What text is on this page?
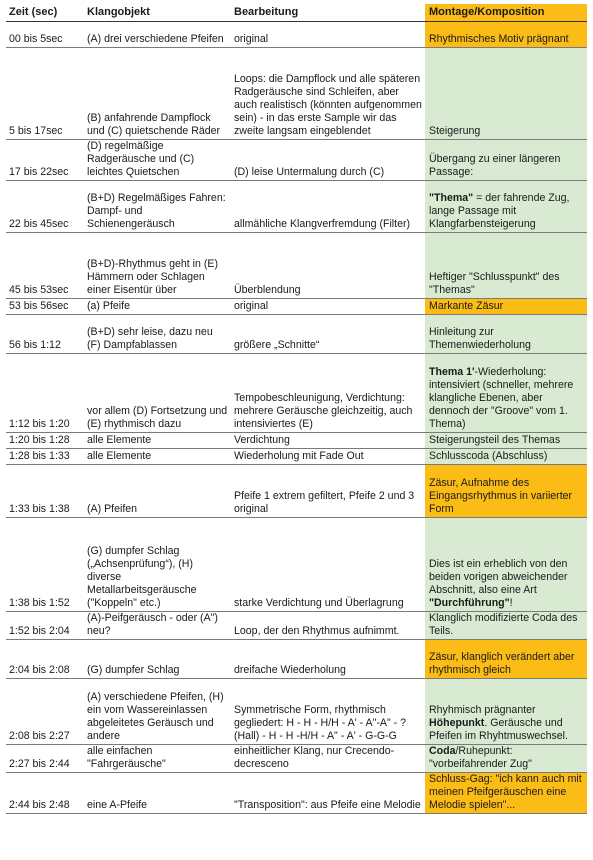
Zeit (sec)	Klangobjekt	Bearbeitung	Montage/Komposition
00 bis 5sec	(A) drei verschiedene Pfeifen	original	Rhythmisches Motiv prägnant
5 bis 17sec	(B) anfahrende Dampflock und (C) quietschende Räder	Loops: die Dampflock und alle späteren Radgeräusche sind Schleifen, aber auch realistisch (könnten aufgenommen sein) - in das erste Sample wir das zweite langsam eingeblendet	Steigerung
17 bis 22sec	(D) regelmäßige Radgeräusche und (C) leichtes Quietschen	(D) leise Untermalung durch (C)	Übergang zu einer längeren Passage:
22 bis 45sec	(B+D) Regelmäßiges Fahren: Dampf- und Schienengeräusch	allmähliche Klangverfremdung (Filter)	"Thema" = der fahrende Zug, lange Passage mit Klangfarbensteigerung
45 bis 53sec	(B+D)-Rhythmus geht in (E) Hämmern oder Schlagen einer Eisentür über	Überblendung	Heftiger "Schlusspunkt" des "Themas"
53 bis 56sec	(a) Pfeife	original	Markante Zäsur
56 bis 1:12	(B+D) sehr leise, dazu neu (F) Dampfablassen	größere „Schnitte“	Hinleitung zur Themenwiederholung
1:12 bis 1:20	vor allem (D) Fortsetzung und (E) rhythmisch dazu	Tempobeschleunigung, Verdichtung: mehrere Geräusche gleichzeitig, auch intensiviertes (E)	Thema 1'-Wiederholung: intensiviert (schneller, mehrere klangliche Ebenen, aber dennoch der "Groove" vom 1. Thema)
1:20 bis 1:28	alle Elemente	Verdichtung	Steigerungsteil des Themas
1:28 bis 1:33	alle Elemente	Wiederholung mit Fade Out	Schlusscoda (Abschluss)
1:33 bis 1:38	(A) Pfeifen	Pfeife 1 extrem gefiltert, Pfeife 2 und 3 original	Zäsur, Aufnahme des Eingangsrhythmus in variierter Form
1:38 bis 1:52	(G) dumpfer Schlag („Achsenprüfung“), (H) diverse Metallarbeitsgeräusche ("Koppeln" etc.)	starke Verdichtung und Überlagrung	Dies ist ein erheblich von den beiden vorigen abweichender Abschnitt, also eine Art "Durchführung"!
1:52 bis 2:04	(A)-Peifgeräusch - oder (A") neu?	Loop, der den Rhythmus aufnimmt.	Klanglich modifizierte Coda des Teils.
2:04 bis 2:08	(G) dumpfer Schlag	dreifache Wiederholung	Zäsur, klanglich verändert aber rhythmisch gleich
2:08 bis 2:27	(A) verschiedene Pfeifen, (H) ein vom Wassereinlassen abgeleitetes Geräusch und andere	Symmetrische Form, rhythmisch gegliedert: H - H - H/H - A' - A"-A" - ? (Hall) - H - H -H/H - A" - A' - G-G-G	Rhyhmisch prägnanter Höhepunkt. Geräusche und Pfeifen im Rhyhtmuswechsel.
2:27 bis 2:44	alle einfachen "Fahrgeräusche"	einheitlicher Klang, nur Crecendo-decresceno	Coda/Ruhepunkt: "vorbeifahrender Zug"
2:44 bis 2:48	eine A-Pfeife	"Transposition": aus Pfeife eine Melodie	Schluss-Gag: "ich kann auch mit meinen Pfeifgeräuschen eine Melodie spielen"...
